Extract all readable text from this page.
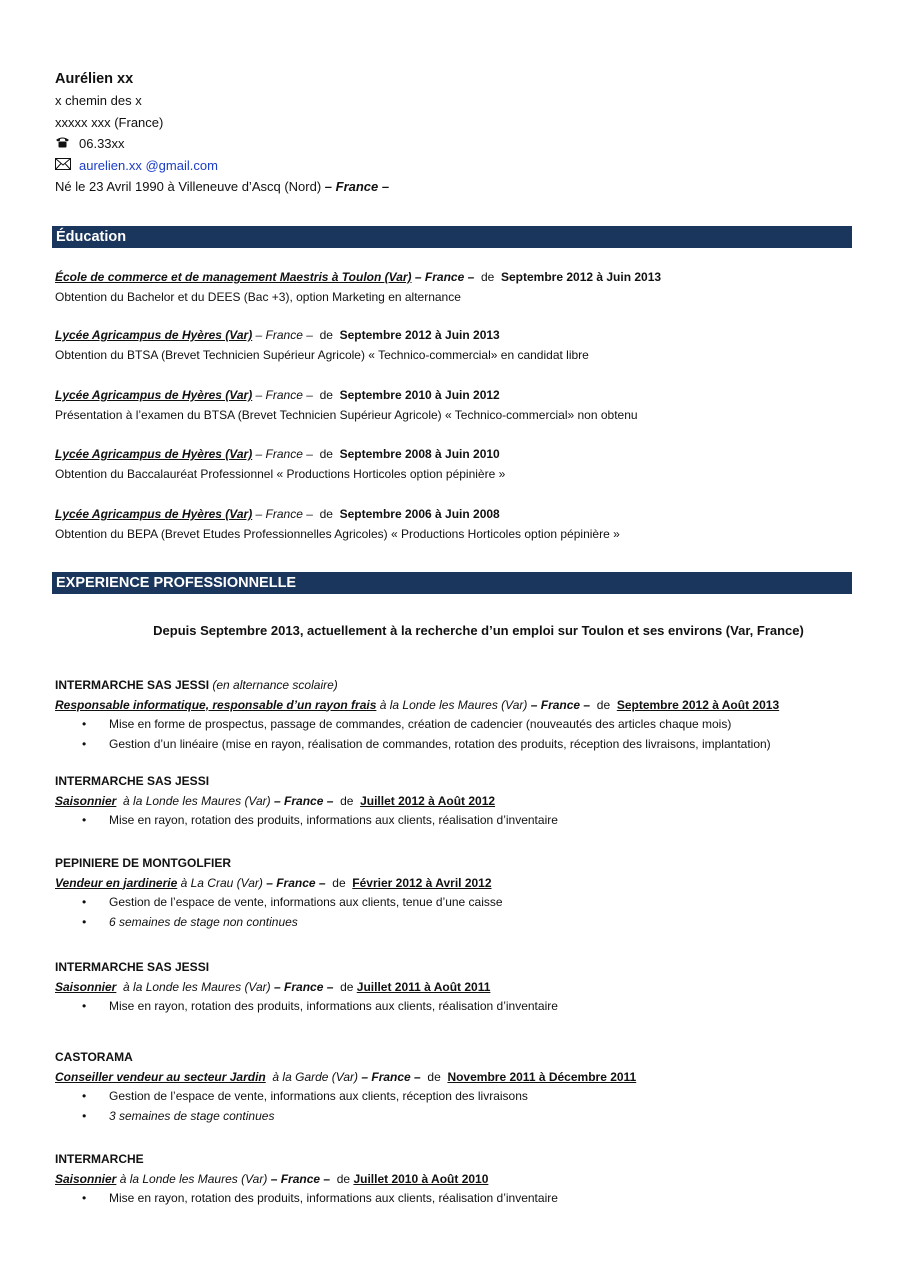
Aurélien xx
x chemin des x
xxxxx xxx (France)
06.33xx
aurelien.xx @gmail.com
Né le 23 Avril 1990 à Villeneuve d’Ascq (Nord) – France –
Éducation
École de commerce et de management Maestris à Toulon (Var) – France – de Septembre 2012 à Juin 2013
Obtention du Bachelor et du DEES (Bac +3), option Marketing en alternance
Lycée Agricampus de Hyères (Var) – France – de Septembre 2012 à Juin 2013
Obtention du BTSA (Brevet Technicien Supérieur Agricole) « Technico-commercial» en candidat libre
Lycée Agricampus de Hyères (Var) – France – de Septembre 2010 à Juin 2012
Présentation à l’examen du BTSA (Brevet Technicien Supérieur Agricole) « Technico-commercial» non obtenu
Lycée Agricampus de Hyères (Var) – France – de Septembre 2008 à Juin 2010
Obtention du Baccalauréat Professionnel « Productions Horticoles option pépinière »
Lycée Agricampus de Hyères (Var) – France – de Septembre 2006 à Juin 2008
Obtention du BEPA (Brevet Etudes Professionnelles Agricoles) « Productions Horticoles option pépinière »
EXPERIENCE PROFESSIONNELLE
Depuis Septembre 2013, actuellement à la recherche d’un emploi sur Toulon et ses environs (Var, France)
INTERMARCHE SAS JESSI (en alternance scolaire)
Responsable informatique, responsable d’un rayon frais à la Londe les Maures (Var) – France – de Septembre 2012 à Août 2013
• Mise en forme de prospectus, passage de commandes, création de cadencier (nouveautés des articles chaque mois)
• Gestion d’un linéaire (mise en rayon, réalisation de commandes, rotation des produits, réception des livraisons, implantation)
INTERMARCHE SAS JESSI
Saisonnier à la Londe les Maures (Var) – France – de Juillet 2012 à Août 2012
• Mise en rayon, rotation des produits, informations aux clients, réalisation d’inventaire
PEPINIERE DE MONTGOLFIER
Vendeur en jardinerie à La Crau (Var) – France – de Février 2012 à Avril 2012
• Gestion de l’espace de vente, informations aux clients, tenue d’une caisse
• 6 semaines de stage non continues
INTERMARCHE SAS JESSI
Saisonnier à la Londe les Maures (Var) – France – de Juillet 2011 à Août 2011
• Mise en rayon, rotation des produits, informations aux clients, réalisation d’inventaire
CASTORAMA
Conseiller vendeur au secteur Jardin à la Garde (Var) – France – de Novembre 2011 à Décembre 2011
• Gestion de l’espace de vente, informations aux clients, réception des livraisons
• 3 semaines de stage continues
INTERMARCHE
Saisonnier à la Londe les Maures (Var) – France – de Juillet 2010 à Août 2010
• Mise en rayon, rotation des produits, informations aux clients, réalisation d’inventaire
